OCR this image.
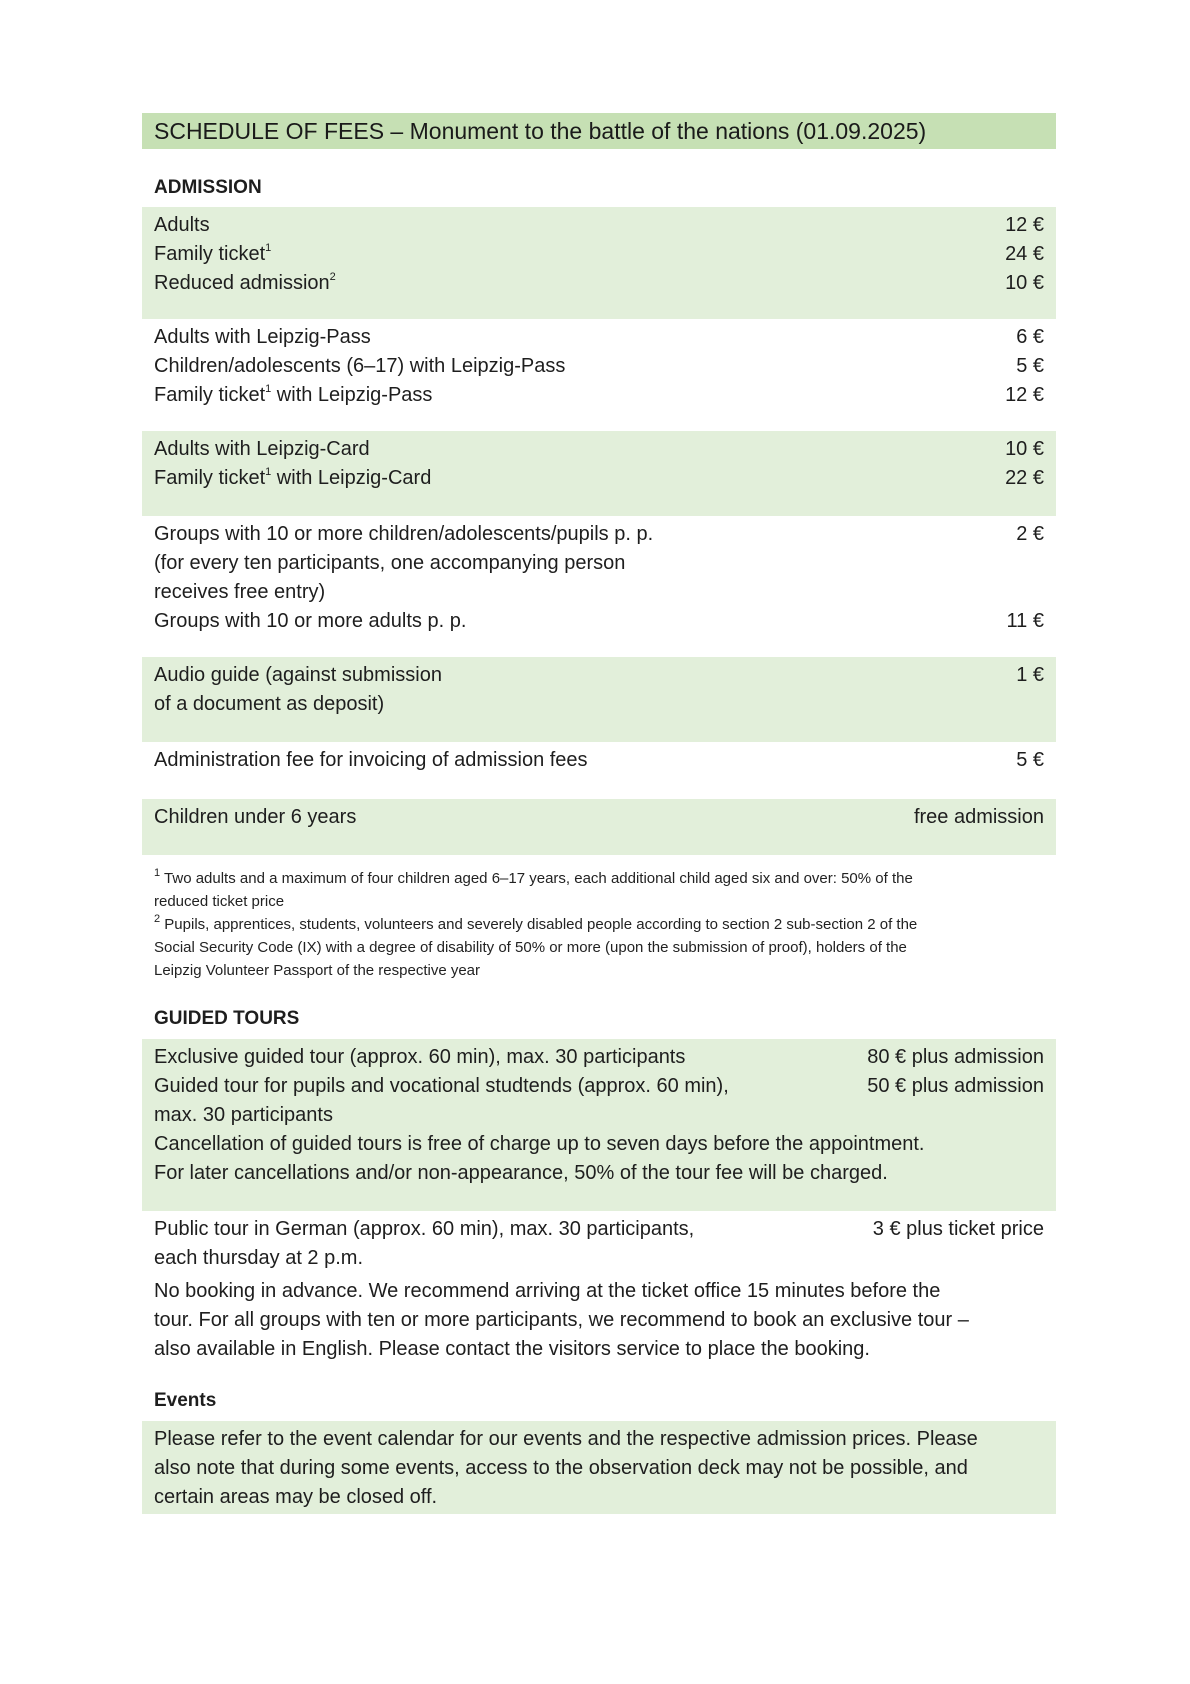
SCHEDULE OF FEES – Monument to the battle of the nations (01.09.2025)
ADMISSION
Adults	12 €
Family ticket$^1$	24 €
Reduced admission$^2$	10 €
Adults with Leipzig-Pass	6 €
Children/adolescents (6–17) with Leipzig-Pass	5 €
Family ticket$^1$ with Leipzig-Pass	12 €
Adults with Leipzig-Card	10 €
Family ticket$^1$ with Leipzig-Card	22 €
Groups with 10 or more children/adolescents/pupils p. p.	2 €
(for every ten participants, one accompanying person
receives free entry)
Groups with 10 or more adults p. p.	11 €
Audio guide (against submission	1 €
of a document as deposit)
Administration fee for invoicing of admission fees	5 €
Children under 6 years	free admission
$^1$ Two adults and a maximum of four children aged 6–17 years, each additional child aged six and over: 50% of the
reduced ticket price
$^2$ Pupils, apprentices, students, volunteers and severely disabled people according to section 2 sub-section 2 of the
Social Security Code (IX) with a degree of disability of 50% or more (upon the submission of proof), holders of the
Leipzig Volunteer Passport of the respective year
GUIDED TOURS
Exclusive guided tour (approx. 60 min), max. 30 participants	80 € plus admission
Guided tour for pupils and vocational studtends (approx. 60 min),	50 € plus admission
max. 30 participants
Cancellation of guided tours is free of charge up to seven days before the appointment.
For later cancellations and/or non-appearance, 50% of the tour fee will be charged.
Public tour in German (approx. 60 min), max. 30 participants,	3 € plus ticket price
each thursday at 2 p.m.
No booking in advance. We recommend arriving at the ticket office 15 minutes before the
tour. For all groups with ten or more participants, we recommend to book an exclusive tour –
also available in English. Please contact the visitors service to place the booking.
Events
Please refer to the event calendar for our events and the respective admission prices. Please
also note that during some events, access to the observation deck may not be possible, and
certain areas may be closed off.
